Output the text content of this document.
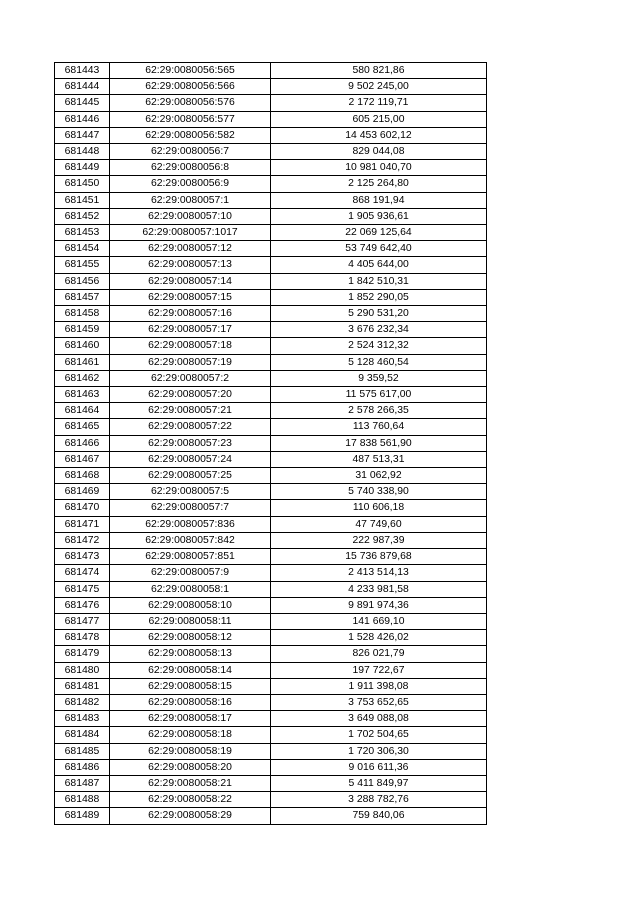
681443	62:29:0080056:565	580 821,86
681444	62:29:0080056:566	9 502 245,00
681445	62:29:0080056:576	2 172 119,71
681446	62:29:0080056:577	605 215,00
681447	62:29:0080056:582	14 453 602,12
681448	62:29:0080056:7	829 044,08
681449	62:29:0080056:8	10 981 040,70
681450	62:29:0080056:9	2 125 264,80
681451	62:29:0080057:1	868 191,94
681452	62:29:0080057:10	1 905 936,61
681453	62:29:0080057:1017	22 069 125,64
681454	62:29:0080057:12	53 749 642,40
681455	62:29:0080057:13	4 405 644,00
681456	62:29:0080057:14	1 842 510,31
681457	62:29:0080057:15	1 852 290,05
681458	62:29:0080057:16	5 290 531,20
681459	62:29:0080057:17	3 676 232,34
681460	62:29:0080057:18	2 524 312,32
681461	62:29:0080057:19	5 128 460,54
681462	62:29:0080057:2	9 359,52
681463	62:29:0080057:20	11 575 617,00
681464	62:29:0080057:21	2 578 266,35
681465	62:29:0080057:22	113 760,64
681466	62:29:0080057:23	17 838 561,90
681467	62:29:0080057:24	487 513,31
681468	62:29:0080057:25	31 062,92
681469	62:29:0080057:5	5 740 338,90
681470	62:29:0080057:7	110 606,18
681471	62:29:0080057:836	47 749,60
681472	62:29:0080057:842	222 987,39
681473	62:29:0080057:851	15 736 879,68
681474	62:29:0080057:9	2 413 514,13
681475	62:29:0080058:1	4 233 981,58
681476	62:29:0080058:10	9 891 974,36
681477	62:29:0080058:11	141 669,10
681478	62:29:0080058:12	1 528 426,02
681479	62:29:0080058:13	826 021,79
681480	62:29:0080058:14	197 722,67
681481	62:29:0080058:15	1 911 398,08
681482	62:29:0080058:16	3 753 652,65
681483	62:29:0080058:17	3 649 088,08
681484	62:29:0080058:18	1 702 504,65
681485	62:29:0080058:19	1 720 306,30
681486	62:29:0080058:20	9 016 611,36
681487	62:29:0080058:21	5 411 849,97
681488	62:29:0080058:22	3 288 782,76
681489	62:29:0080058:29	759 840,06
